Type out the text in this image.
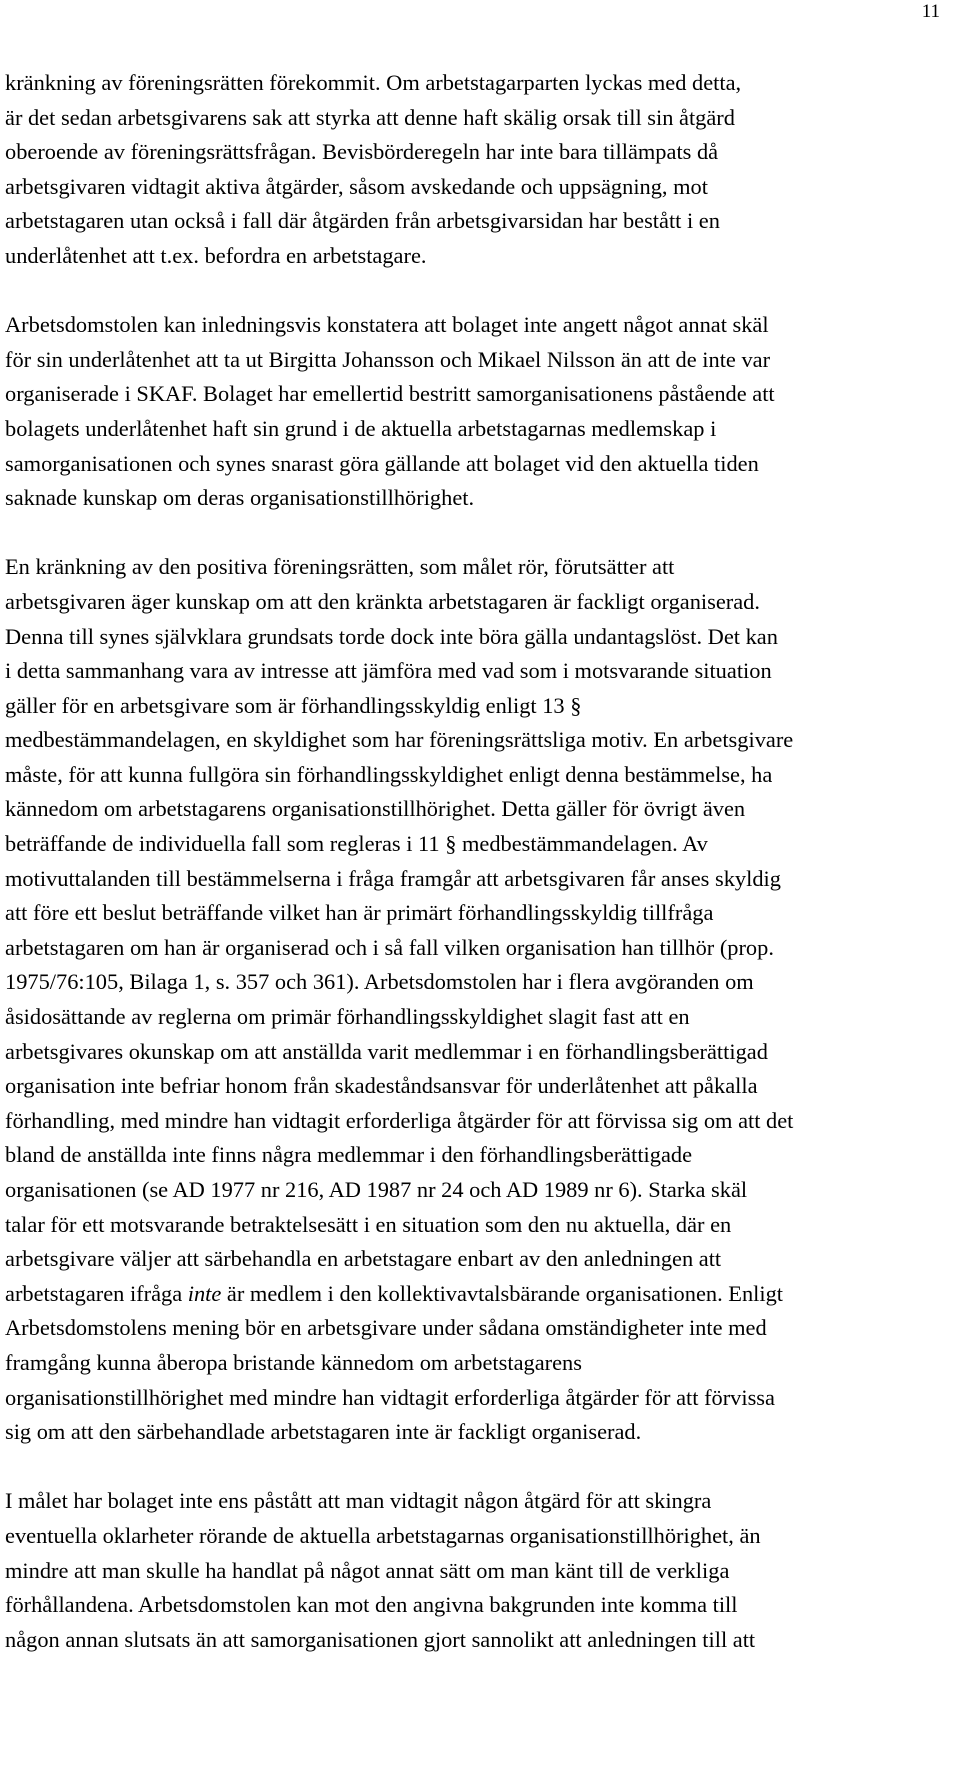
11

kränkning av föreningsrätten förekommit. Om arbetstagarparten lyckas med detta,
är det sedan arbetsgivarens sak att styrka att denne haft skälig orsak till sin åtgärd
oberoende av föreningsrättsfrågan. Bevisbörderegeln har inte bara tillämpats då
arbetsgivaren vidtagit aktiva åtgärder, såsom avskedande och uppsägning, mot
arbetstagaren utan också i fall där åtgärden från arbetsgivarsidan har bestått i en
underlåtenhet att t.ex. befordra en arbetstagare.

Arbetsdomstolen kan inledningsvis konstatera att bolaget inte angett något annat skäl
för sin underlåtenhet att ta ut Birgitta Johansson och Mikael Nilsson än att de inte var
organiserade i SKAF. Bolaget har emellertid bestritt samorganisationens påstående att
bolagets underlåtenhet haft sin grund i de aktuella arbetstagarnas medlemskap i
samorganisationen och synes snarast göra gällande att bolaget vid den aktuella tiden
saknade kunskap om deras organisationstillhörighet.

En kränkning av den positiva föreningsrätten, som målet rör, förutsätter att
arbetsgivaren äger kunskap om att den kränkta arbetstagaren är fackligt organiserad.
Denna till synes självklara grundsats torde dock inte böra gälla undantagslöst. Det kan
i detta sammanhang vara av intresse att jämföra med vad som i motsvarande situation
gäller för en arbetsgivare som är förhandlingsskyldig enligt 13 §
medbestämmandelagen, en skyldighet som har föreningsrättsliga motiv. En arbetsgivare
måste, för att kunna fullgöra sin förhandlingsskyldighet enligt denna bestämmelse, ha
kännedom om arbetstagarens organisationstillhörighet. Detta gäller för övrigt även
beträffande de individuella fall som regleras i 11 § medbestämmandelagen. Av
motivuttalanden till bestämmelserna i fråga framgår att arbetsgivaren får anses skyldig
att före ett beslut beträffande vilket han är primärt förhandlingsskyldig tillfråga
arbetstagaren om han är organiserad och i så fall vilken organisation han tillhör (prop.
1975/76:105, Bilaga 1, s. 357 och 361). Arbetsdomstolen har i flera avgöranden om
åsidosättande av reglerna om primär förhandlingsskyldighet slagit fast att en
arbetsgivares okunskap om att anställda varit medlemmar i en förhandlingsberättigad
organisation inte befriar honom från skadeståndsansvar för underlåtenhet att påkalla
förhandling, med mindre han vidtagit erforderliga åtgärder för att förvissa sig om att det
bland de anställda inte finns några medlemmar i den förhandlingsberättigade
organisationen (se AD 1977 nr 216, AD 1987 nr 24 och AD 1989 nr 6). Starka skäl
talar för ett motsvarande betraktelsesätt i en situation som den nu aktuella, där en
arbetsgivare väljer att särbehandla en arbetstagare enbart av den anledningen att
arbetstagaren ifråga inte är medlem i den kollektivavtalsbärande organisationen. Enligt
Arbetsdomstolens mening bör en arbetsgivare under sådana omständigheter inte med
framgång kunna åberopa bristande kännedom om arbetstagarens
organisationstillhörighet med mindre han vidtagit erforderliga åtgärder för att förvissa
sig om att den särbehandlade arbetstagaren inte är fackligt organiserad.

I målet har bolaget inte ens påstått att man vidtagit någon åtgärd för att skingra
eventuella oklarheter rörande de aktuella arbetstagarnas organisationstillhörighet, än
mindre att man skulle ha handlat på något annat sätt om man känt till de verkliga
förhållandena. Arbetsdomstolen kan mot den angivna bakgrunden inte komma till
någon annan slutsats än att samorganisationen gjort sannolikt att anledningen till att
